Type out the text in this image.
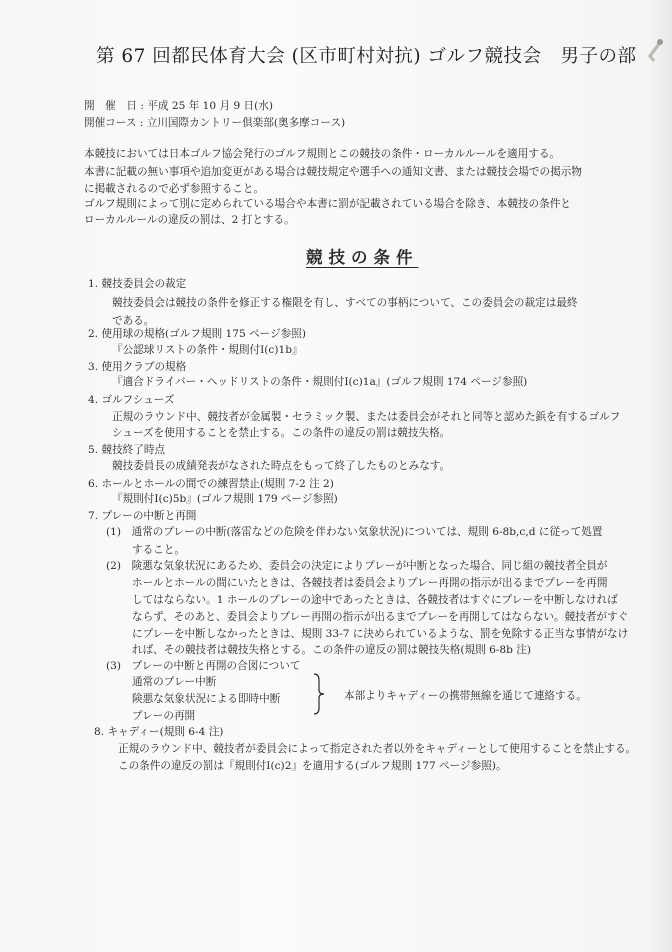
第 67 回都民体育大会 (区市町村対抗) ゴルフ競技会　男子の部
開　催　日 : 平成 25 年 10 月 9 日(水)
開催コース : 立川国際カントリー倶楽部(奥多摩コース)
本競技においては日本ゴルフ協会発行のゴルフ規則とこの競技の条件・ローカルルールを適用する。
本書に記載の無い事項や追加変更がある場合は競技規定や選手への通知文書、または競技会場での掲示物
に掲載されるので必ず参照すること。
ゴルフ規則によって別に定められている場合や本書に罰が記載されている場合を除き、本競技の条件と
ローカルルールの違反の罰は、2 打とする。
競技の条件
1. 競技委員会の裁定
競技委員会は競技の条件を修正する権限を有し、すべての事柄について、この委員会の裁定は最終
である。
2. 使用球の規格(ゴルフ規則 175 ページ参照)
『公認球リストの条件・規則付Ⅰ(c)1b』
3. 使用クラブの規格
『適合ドライバー・ヘッドリストの条件・規則付Ⅰ(c)1a』(ゴルフ規則 174 ページ参照)
4. ゴルフシューズ
正規のラウンド中、競技者が金属製・セラミック製、または委員会がそれと同等と認めた鋲を有するゴルフ
シューズを使用することを禁止する。この条件の違反の罰は競技失格。
5. 競技終了時点
競技委員長の成績発表がなされた時点をもって終了したものとみなす。
6. ホールとホールの間での練習禁止(規則 7-2 注 2)
『規則付Ⅰ(c)5b』(ゴルフ規則 179 ページ参照)
7. プレーの中断と再開
(1)　通常のプレーの中断(落雷などの危険を伴わない気象状況)については、規則 6-8b,c,d に従って処置
すること。
(2)　険悪な気象状況にあるため、委員会の決定によりプレーが中断となった場合、同じ組の競技者全員が
ホールとホールの間にいたときは、各競技者は委員会よりプレー再開の指示が出るまでプレーを再開
してはならない。1 ホールのプレーの途中であったときは、各競技者はすぐにプレーを中断しなければ
ならず、そのあと、委員会よりプレー再開の指示が出るまでプレーを再開してはならない。競技者がすぐ
にプレーを中断しなかったときは、規則 33-7 に決められているような、罰を免除する正当な事情がなけ
れば、その競技者は競技失格とする。この条件の違反の罰は競技失格(規則 6-8b 注)
(3)　プレーの中断と再開の合図について
通常のプレー中断
険悪な気象状況による即時中断
プレーの再開
本部よりキャディーの携帯無線を通じて連絡する。
8. キャディー(規則 6-4 注)
正規のラウンド中、競技者が委員会によって指定された者以外をキャディーとして使用することを禁止する。
この条件の違反の罰は『規則付Ⅰ(c)2』を適用する(ゴルフ規則 177 ページ参照)。
